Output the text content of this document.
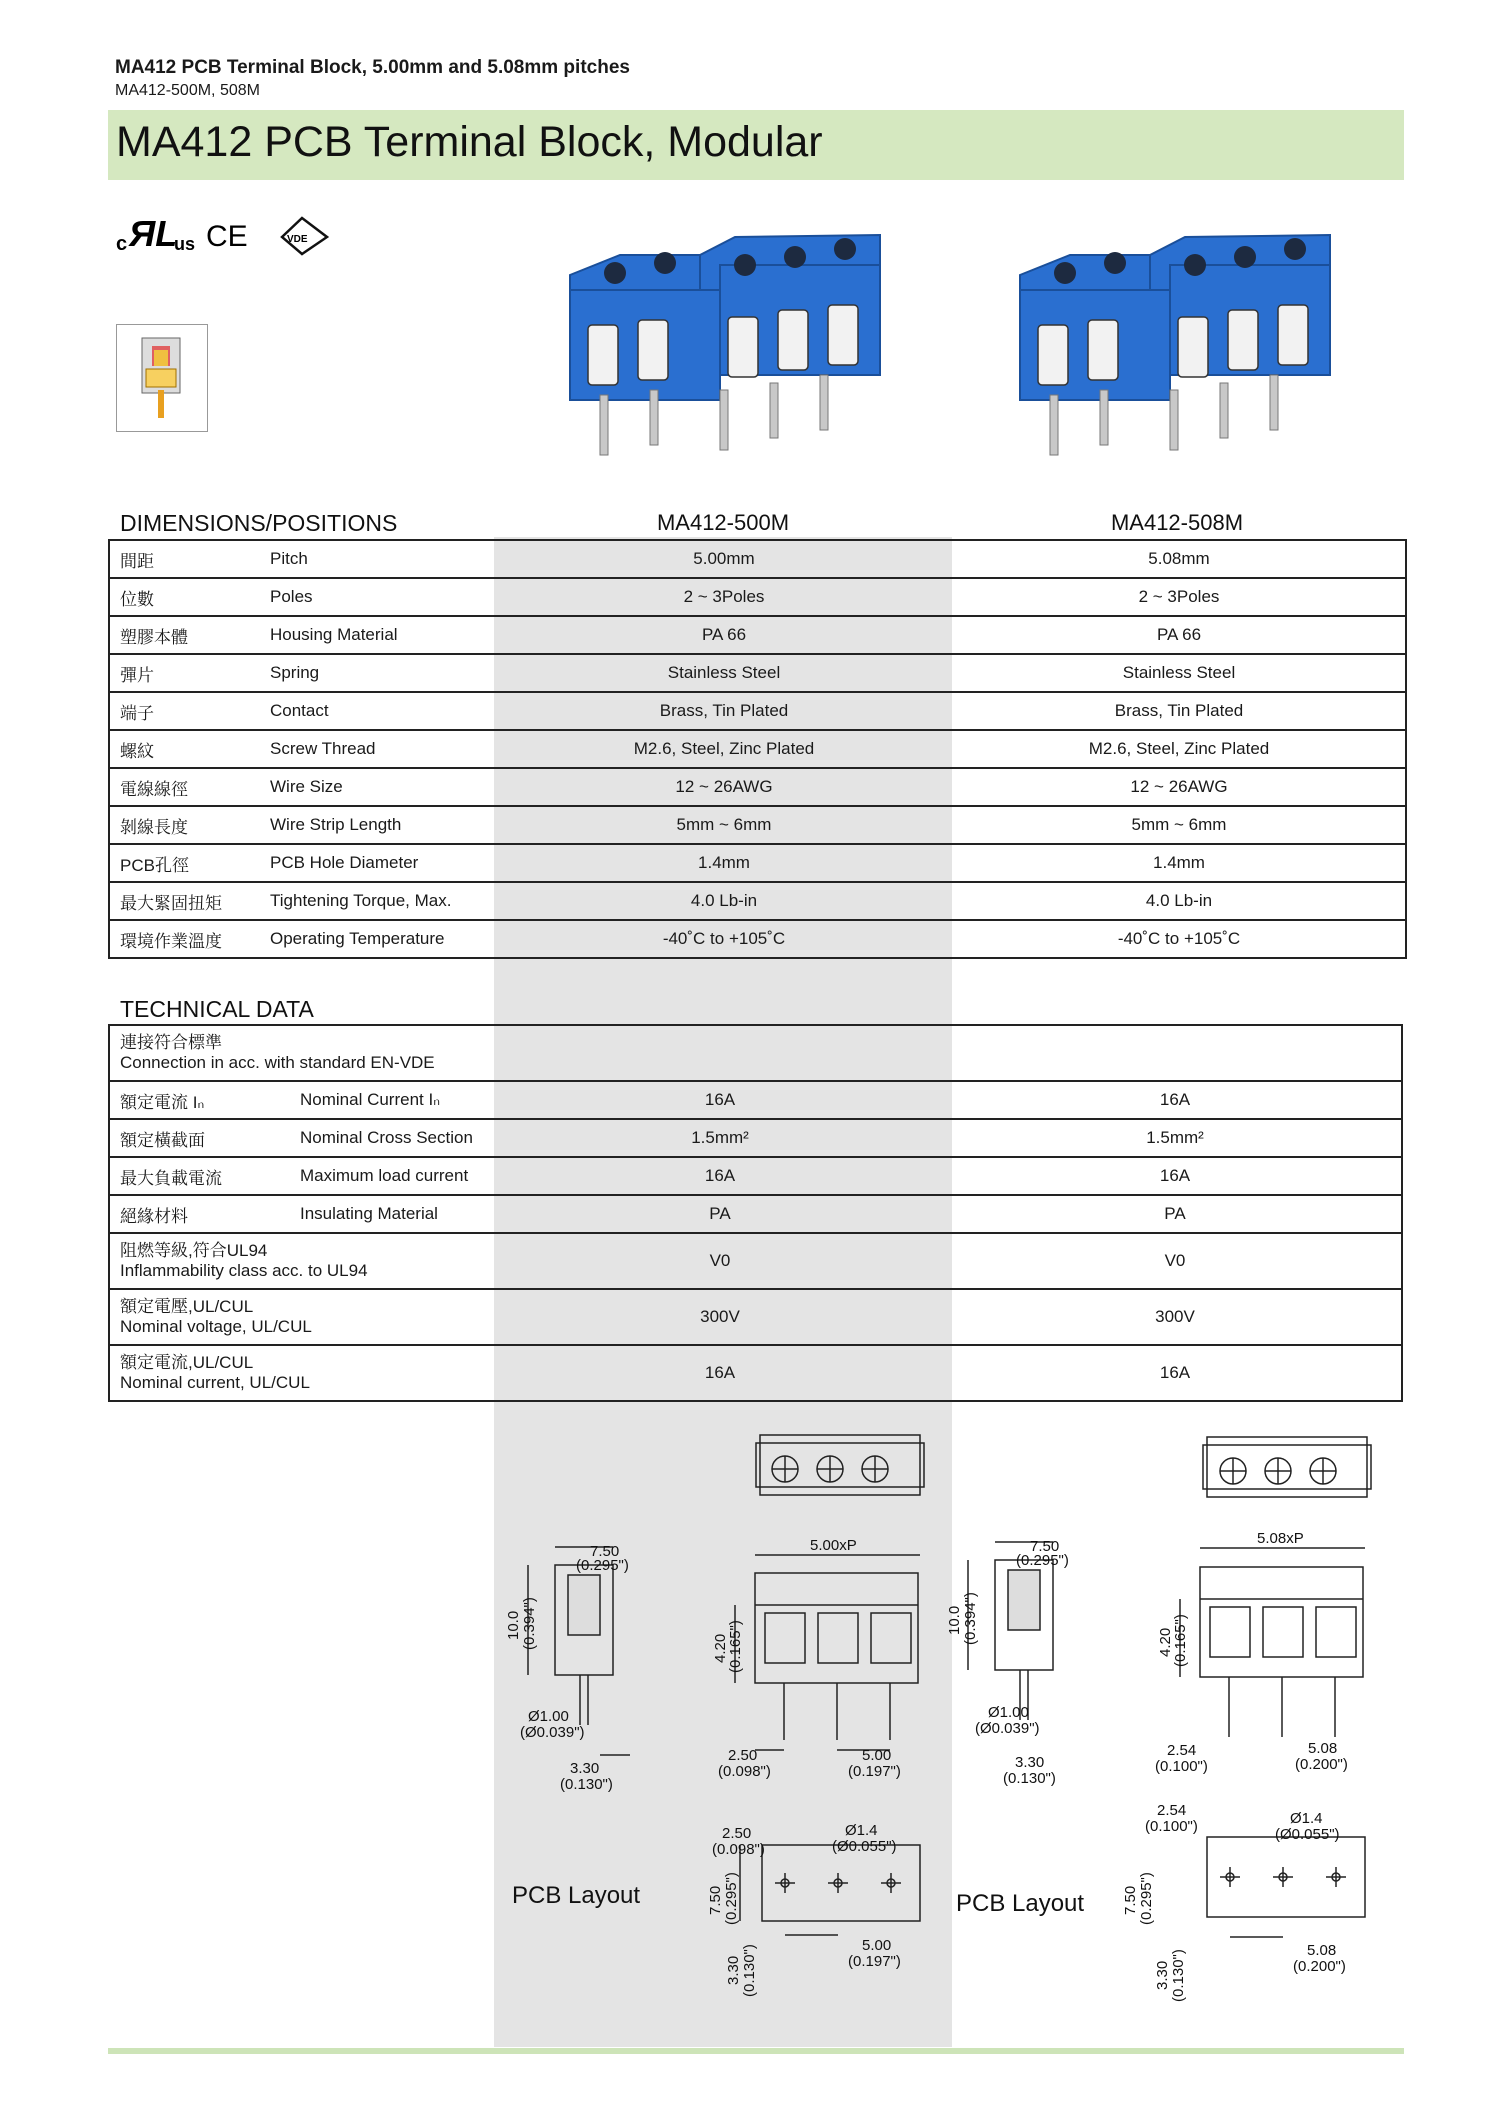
MA412 PCB Terminal Block, 5.00mm and 5.08mm pitches
MA412-500M, 508M
MA412 PCB Terminal Block, Modular
c ЯL
us CE	VDE
DIMENSIONS/POSITIONS	MA412-500M	MA412-508M
間距	Pitch	5.00mm	5.08mm
位數	Poles	2 ~ 3Poles	2 ~ 3Poles
塑膠本體	Housing Material	PA 66	PA 66
彈片	Spring	Stainless Steel	Stainless Steel
端子	Contact	Brass, Tin Plated	Brass, Tin Plated
螺紋	Screw Thread	M2.6, Steel, Zinc Plated	M2.6, Steel, Zinc Plated
電線線徑	Wire Size	12 ~ 26AWG	12 ~ 26AWG
剝線長度	Wire Strip Length	5mm ~ 6mm	5mm ~ 6mm
PCB孔徑	PCB Hole Diameter	1.4mm	1.4mm
最大緊固扭矩	Tightening Torque, Max.	4.0 Lb-in	4.0 Lb-in
環境作業溫度	Operating Temperature	-40˚C to +105˚C	-40˚C to +105˚C
TECHNICAL DATA
連接符合標準
Connection in acc. with standard EN-VDE			

額定電流 Iₙ	Nominal Current Iₙ	16A	16A
額定橫截面	Nominal Cross Section	1.5mm²	1.5mm²
最大負載電流	Maximum load current	16A	16A
絕緣材料	Insulating Material	PA	PA

阻燃等級,符合UL94
Inflammability class acc. to UL94		V0	V0

額定電壓,UL/CUL
Nominal voltage, UL/CUL		300V	300V

額定電流,UL/CUL
Nominal current, UL/CUL		16A	16A
7.50
(0.295")
10.0 (0.394")
Ø1.00
(Ø0.039")
3.30
(0.130")
5.00xP
4.20
(0.165")
2.50
(0.098")
5.00
(0.197")
2.50
(0.098")
Ø1.4
(Ø0.055")
7.50 (0.295")
3.30 (0.130")	5.00
(0.197")
PCB Layout
7.50
(0.295")
10.0 (0.394")
Ø1.00
(Ø0.039")
3.30
(0.130")
5.08xP
4.20
(0.165")
2.54
(0.100")
5.08
(0.200")
2.54
(0.100")	Ø1.4
(Ø0.055")
7.50 (0.295")
3.30 (0.130")	5.08
(0.200")
PCB Layout
